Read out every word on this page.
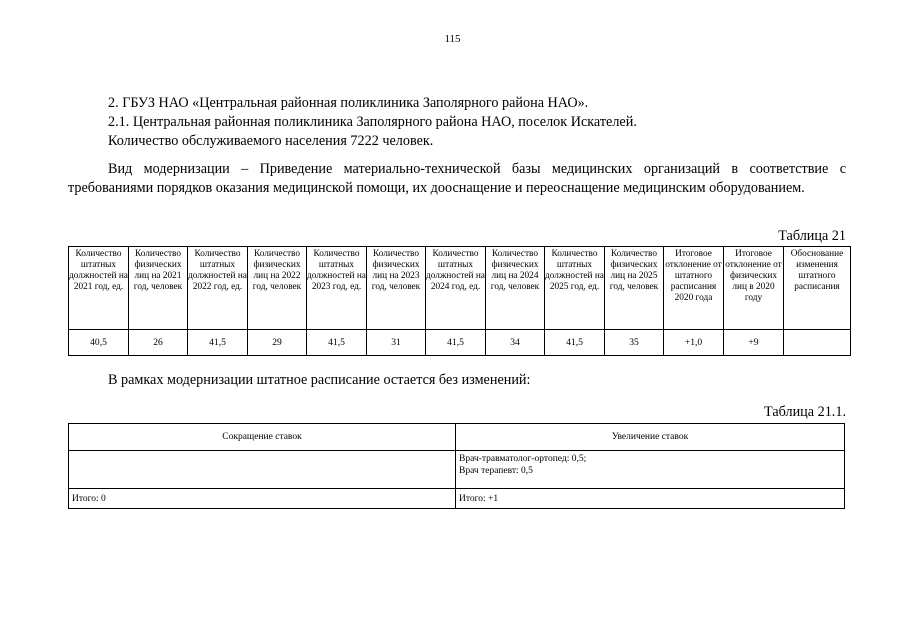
115
2. ГБУЗ НАО «Центральная районная поликлиника Заполярного района НАО».
2.1. Центральная районная поликлиника Заполярного района НАО, поселок Искателей.
Количество обслуживаемого населения 7222 человек.
Вид модернизации – Приведение материально-технической базы медицинских организаций в соответствие с требованиями порядков оказания медицинской помощи, их дооснащение и переоснащение медицинским оборудованием.
Таблица 21
Количество штатных должностей на 2021 год, ед.	Количество физических лиц на 2021 год, человек	Количество штатных должностей на 2022 год, ед.	Количество физических лиц на 2022 год, человек	Количество штатных должностей на 2023 год, ед.	Количество физических лиц на 2023 год, человек	Количество штатных должностей на 2024 год, ед.	Количество физических лиц на 2024 год, человек	Количество штатных должностей на 2025 год, ед.	Количество физических лиц на 2025 год, человек	Итоговое отклонение от штатного расписания 2020 года	Итоговое отклонение от физических лиц в 2020 году	Обоснование изменения штатного расписания
40,5	26	41,5	29	41,5	31	41,5	34	41,5	35	+1,0	+9	
В рамках модернизации штатное расписание остается без изменений:
Таблица 21.1.
Сокращение ставок	Увеличение ставок
	Врач-травматолог-ортопед: 0,5;
Врач терапевт: 0,5
Итого: 0	Итого: +1
